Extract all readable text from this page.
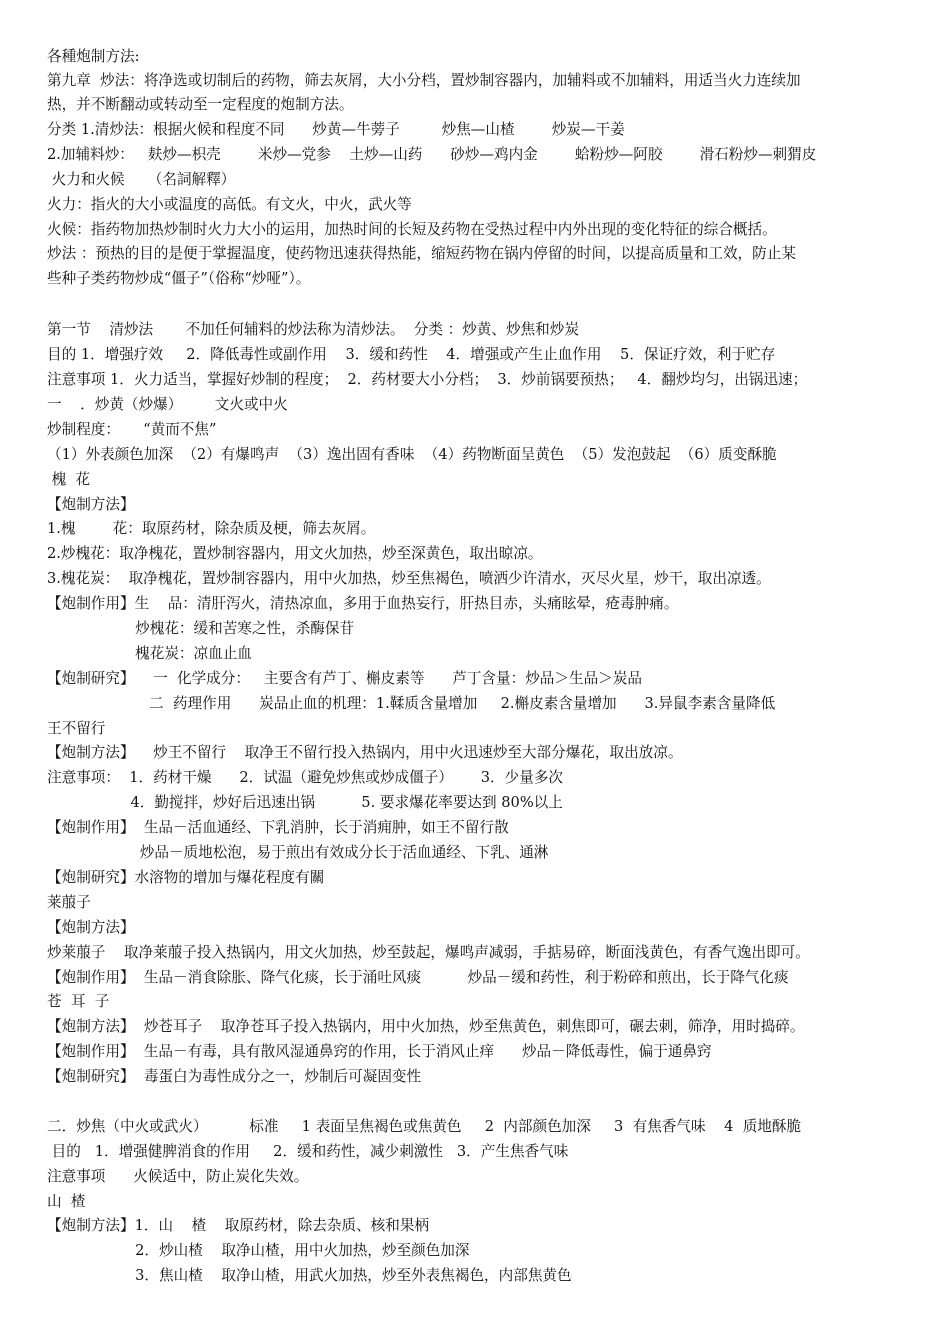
各種炮制方法:
第九章  炒法：将净选或切制后的药物，筛去灰屑，大小分档，置炒制容器内，加辅料或不加辅料，用适当火力连续加
热，并不断翻动或转动至一定程度的炮制方法。
分类 1.清炒法：根据火候和程度不同      炒黄—牛蒡子         炒焦—山楂        炒炭—干姜
2.加辅料炒：   麸炒—枳壳        米炒—党参    土炒—山药      砂炒—鸡内金        蛤粉炒—阿胶        滑石粉炒—刺猬皮
火力和火候     （名詞解釋）
火力：指火的大小或温度的高低。有文火，中火，武火等
火候：指药物加热炒制时火力大小的运用，加热时间的长短及药物在受热过程中内外出现的变化特征的综合概括。
炒法 ：预热的目的是便于掌握温度，使药物迅速获得热能，缩短药物在锅内停留的时间，以提高质量和工效，防止某
些种子类药物炒成“僵子”（俗称“炒哑”）。
第一节    清炒法       不加任何辅料的炒法称为清炒法。  分类 ：炒黄、炒焦和炒炭
目的 1．增强疗效     2．降低毒性或副作用    3．缓和药性    4．增强或产生止血作用    5．保证疗效，利于贮存
注意事项 1．火力适当，掌握好炒制的程度；  2．药材要大小分档；  3．炒前锅要预热；   4．翻炒均匀，出锅迅速；
一    ．炒黄（炒爆）       文火或中火
炒制程度：     “黄而不焦”
（1）外表颜色加深  （2）有爆鸣声  （3）逸出固有香味  （4）药物断面呈黄色  （5）发泡鼓起  （6）质变酥脆
槐  花
【炮制方法】
1.槐        花：取原药材，除杂质及梗，筛去灰屑。
2.炒槐花：取净槐花，置炒制容器内，用文火加热，炒至深黄色，取出晾凉。
3.槐花炭：  取净槐花，置炒制容器内，用中火加热，炒至焦褐色，喷洒少许清水，灭尽火星，炒干，取出凉透。
【炮制作用】生    品：清肝泻火，清热凉血，多用于血热妄行，肝热目赤，头痛眩晕，疮毒肿痛。
炒槐花：缓和苦寒之性，杀酶保苷
槐花炭：凉血止血
【炮制研究】    一  化学成分：   主要含有芦丁、槲皮素等      芦丁含量：炒品＞生品＞炭品
二  药理作用      炭品止血的机理：1.鞣质含量增加     2.槲皮素含量增加      3.异鼠李素含量降低
王不留行
【炮制方法】    炒王不留行    取净王不留行投入热锅内，用中火迅速炒至大部分爆花，取出放凉。
注意事项：  1．药材干燥      2．试温（避免炒焦或炒成僵子）      3．少量多次
4．勤搅拌，炒好后迅速出锅          5. 要求爆花率要达到 80%以上
【炮制作用】  生品－活血通经、下乳消肿，长于消痈肿，如王不留行散
炒品－质地松泡，易于煎出有效成分长于活血通经、下乳、通淋
【炮制研究】水溶物的增加与爆花程度有關
莱菔子
【炮制方法】
炒莱菔子    取净莱菔子投入热锅内，用文火加热，炒至鼓起，爆鸣声减弱，手掂易碎，断面浅黄色，有香气逸出即可。
【炮制作用】  生品－消食除胀、降气化痰，长于涌吐风痰          炒品－缓和药性，利于粉碎和煎出，长于降气化痰
苍  耳  子
【炮制方法】  炒苍耳子    取净苍耳子投入热锅内，用中火加热，炒至焦黄色，刺焦即可，碾去刺，筛净，用时捣碎。
【炮制作用】  生品－有毒，具有散风湿通鼻窍的作用，长于消风止痒      炒品－降低毒性，偏于通鼻窍
【炮制研究】  毒蛋白为毒性成分之一，炒制后可凝固变性
二．炒焦（中火或武火）         标准     1 表面呈焦褐色或焦黄色     2  内部颜色加深     3  有焦香气味    4  质地酥脆
目的   1．增强健脾消食的作用     2．缓和药性，减少刺激性   3．产生焦香气味
注意事项      火候适中，防止炭化失效。
山  楂
【炮制方法】1．山    楂    取原药材，除去杂质、核和果柄
2．炒山楂    取净山楂，用中火加热，炒至颜色加深
3．焦山楂    取净山楂，用武火加热，炒至外表焦褐色，内部焦黄色
